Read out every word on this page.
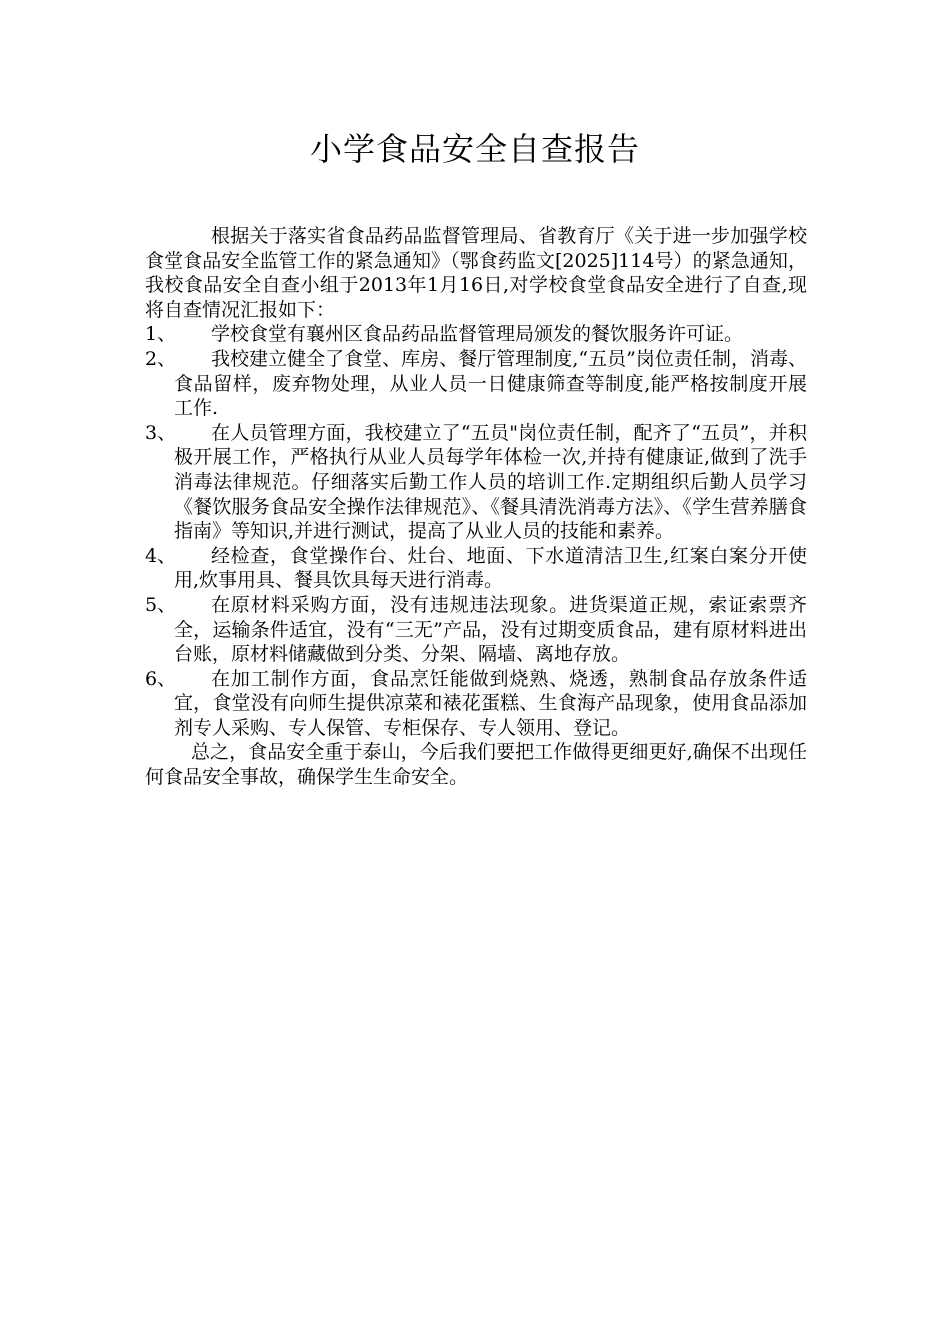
小学食品安全自查报告

根据关于落实省食品药品监督管理局、省教育厅《关于进一步加强学校食堂食品安全监管工作的紧急通知》（鄂食药监文[2025]114号）的紧急通知，我校食品安全自查小组于2013年1月16日,对学校食堂食品安全进行了自查,现将自查情况汇报如下：

1、	学校食堂有襄州区食品药品监督管理局颁发的餐饮服务许可证。
2、	我校建立健全了食堂、库房、餐厅管理制度,“五员”岗位责任制，消毒、食品留样，废弃物处理，从业人员一日健康筛查等制度,能严格按制度开展工作.
3、	在人员管理方面，我校建立了“五员"岗位责任制，配齐了“五员”，并积极开展工作，严格执行从业人员每学年体检一次,并持有健康证,做到了洗手消毒法律规范。仔细落实后勤工作人员的培训工作.定期组织后勤人员学习《餐饮服务食品安全操作法律规范》、《餐具清洗消毒方法》、《学生营养膳食指南》等知识,并进行测试，提高了从业人员的技能和素养。
4、	经检查，食堂操作台、灶台、地面、下水道清洁卫生,红案白案分开使用,炊事用具、餐具饮具每天进行消毒。
5、	在原材料采购方面，没有违规违法现象。进货渠道正规，索证索票齐全，运输条件适宜，没有“三无”产品，没有过期变质食品，建有原材料进出台账，原材料储藏做到分类、分架、隔墙、离地存放。
6、	在加工制作方面，食品烹饪能做到烧熟、烧透，熟制食品存放条件适宜，食堂没有向师生提供凉菜和裱花蛋糕、生食海产品现象，使用食品添加剂专人采购、专人保管、专柜保存、专人领用、登记。

总之，食品安全重于泰山，今后我们要把工作做得更细更好,确保不出现任何食品安全事故，确保学生生命安全。
